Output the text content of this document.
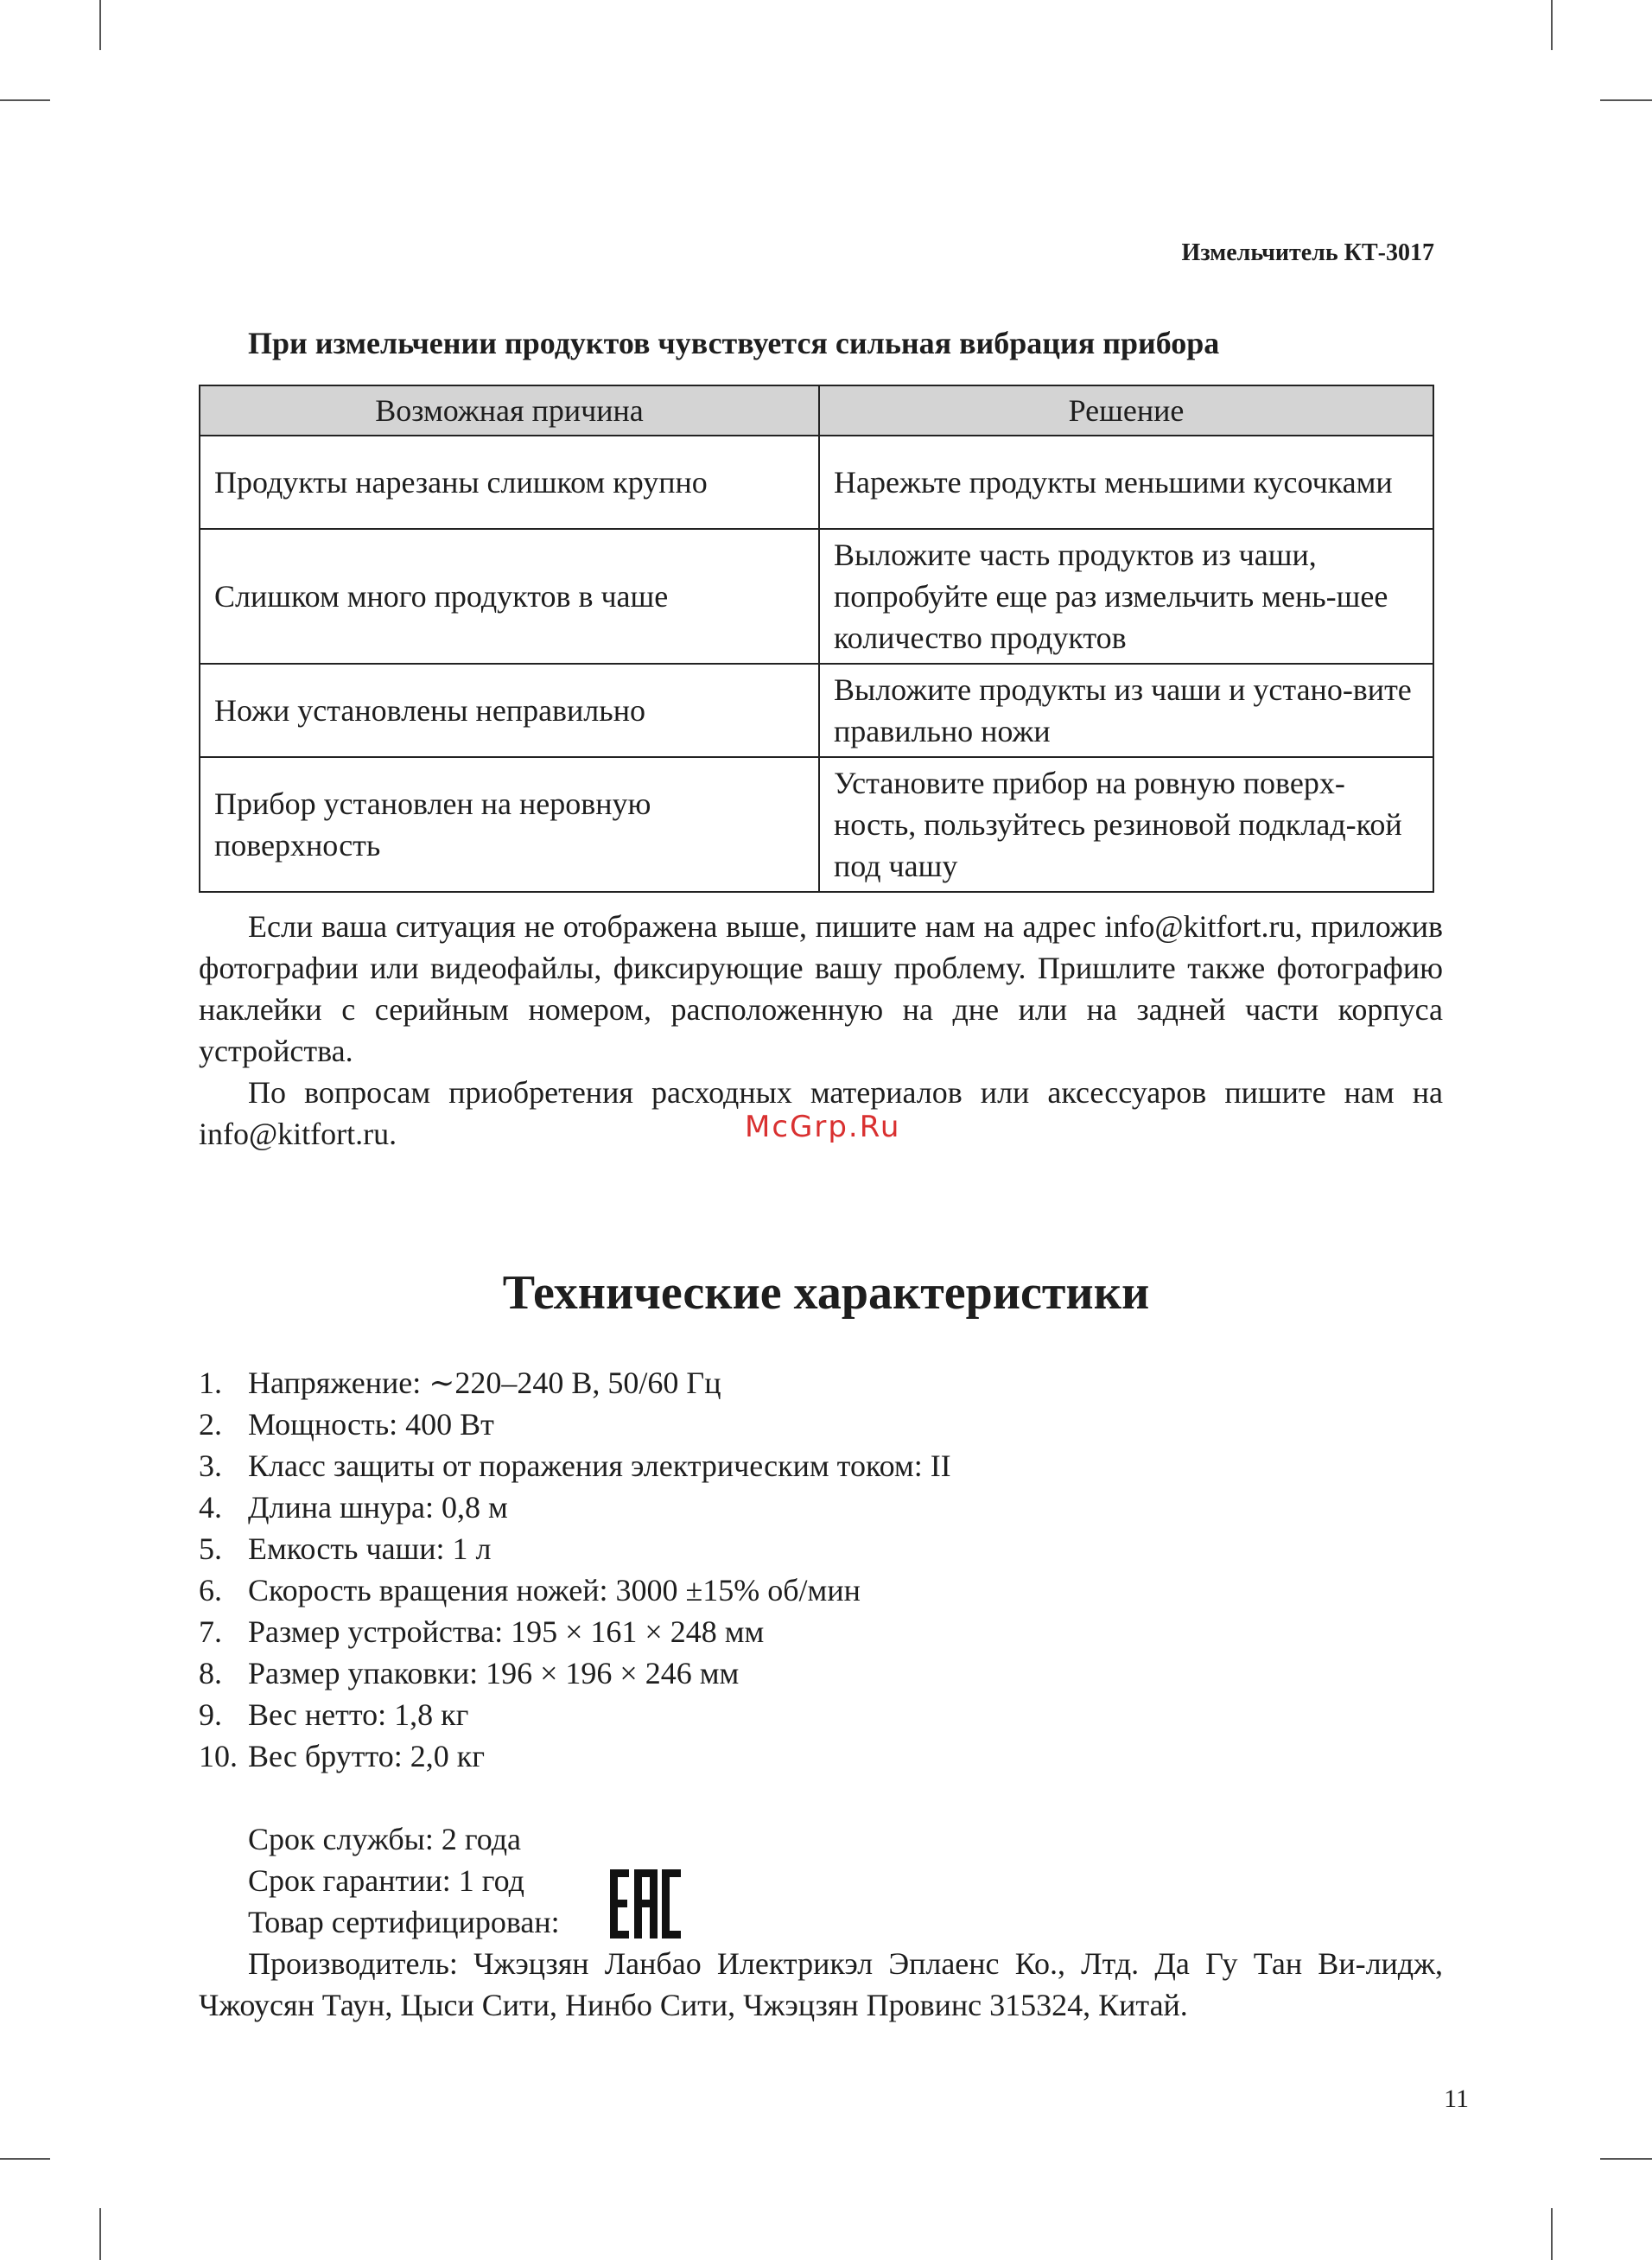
Измельчитель КТ-3017
При измельчении продуктов чувствуется сильная вибрация прибора
Возможная причина	Решение
Продукты нарезаны слишком крупно	Нарежьте продукты меньшими кусочками
Слишком много продуктов в чаше	Выложите часть продуктов из чаши, попробуйте еще раз измельчить мень-шее количество продуктов
Ножи установлены неправильно	Выложите продукты из чаши и устано-вите правильно ножи
Прибор установлен на неровную поверхность	Установите прибор на ровную поверх-ность, пользуйтесь резиновой подклад-кой под чашу

Если ваша ситуация не отображена выше, пишите нам на адрес info@kitfort.ru, приложив фотографии или видеофайлы, фиксирующие вашу проблему. Пришлите также фотографию наклейки с серийным номером, расположенную на дне или на задней части корпуса устройства.

По вопросам приобретения расходных материалов или аксессуаров пишите нам на info@kitfort.ru.	McGrp.Ru
Технические характеристики
1. Напряжение: ∼220–240 В, 50/60 Гц
2. Мощность: 400 Вт
3. Класс защиты от поражения электрическим током: II
4. Длина шнура: 0,8 м
5. Емкость чаши: 1 л
6. Скорость вращения ножей: 3000 ±15% об/мин
7. Размер устройства: 195 × 161 × 248 мм
8. Размер упаковки: 196 × 196 × 246 мм
9. Вес нетто: 1,8 кг
10. Вес брутто: 2,0 кг
Срок службы: 2 года
Срок гарантии: 1 год
Товар сертифицирован:
Производитель: Чжэцзян Ланбао Илектрикэл Эплаенс Ко., Лтд. Да Гу Тан Ви-лидж, Чжоусян Таун, Цыси Сити, Нинбо Сити, Чжэцзян Провинс 315324, Китай.
11
